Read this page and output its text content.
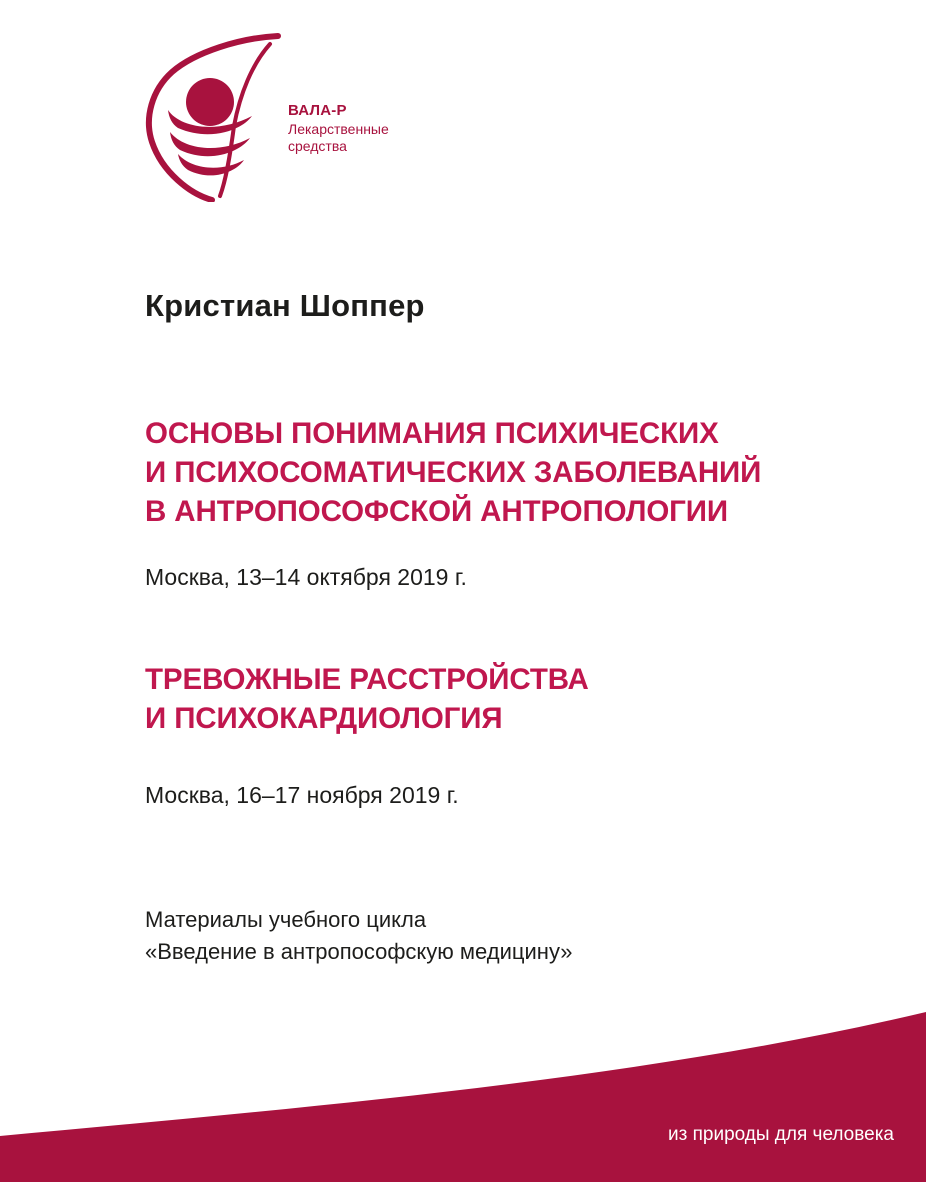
ВАЛА-Р
Лекарственные
средства
Кристиан Шоппер
ОСНОВЫ ПОНИМАНИЯ ПСИХИЧЕСКИХ
И ПСИХОСОМАТИЧЕСКИХ ЗАБОЛЕВАНИЙ
В АНТРОПОСОФСКОЙ АНТРОПОЛОГИИ
Москва, 13–14 октября 2019 г.
ТРЕВОЖНЫЕ РАССТРОЙСТВА
И ПСИХОКАРДИОЛОГИЯ
Москва, 16–17 ноября 2019 г.
Материалы учебного цикла
«Введение в антропософскую медицину»
из природы для человека
